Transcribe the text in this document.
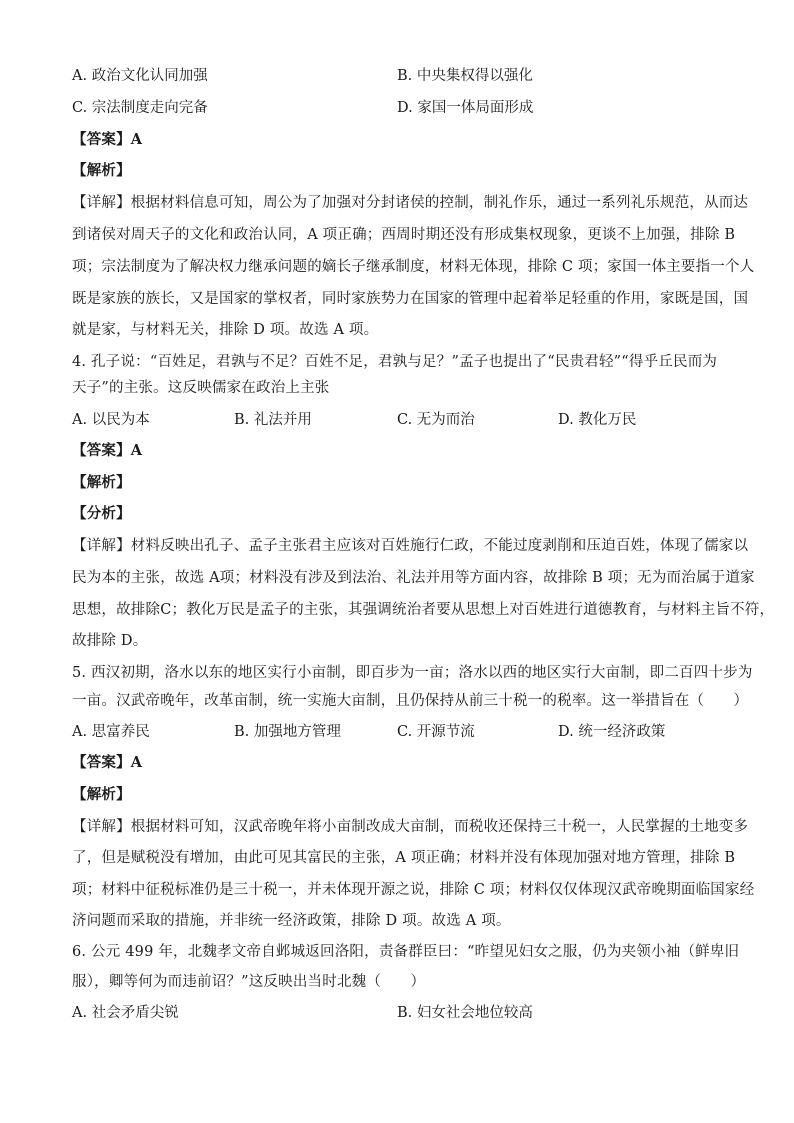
A. 政治文化认同加强	B. 中央集权得以强化
C. 宗法制度走向完备	D. 家国一体局面形成
【答案】A
【解析】
【详解】根据材料信息可知，周公为了加强对分封诸侯的控制，制礼作乐，通过一系列礼乐规范，从而达
到诸侯对周天子的文化和政治认同，A 项正确；西周时期还没有形成集权现象，更谈不上加强，排除 B
项；宗法制度为了解决权力继承问题的嫡长子继承制度，材料无体现，排除 C 项；家国一体主要指一个人
既是家族的族长，又是国家的掌权者，同时家族势力在国家的管理中起着举足轻重的作用，家既是国，国
就是家，与材料无关，排除 D 项。故选 A 项。
4. 孔子说：“百姓足，君孰与不足？百姓不足，君孰与足？”孟子也提出了“民贵君轻”“得乎丘民而为
天子”的主张。这反映儒家在政治上主张
A. 以民为本	B. 礼法并用	C. 无为而治	D. 教化万民
【答案】A
【解析】
【分析】
【详解】材料反映出孔子、孟子主张君主应该对百姓施行仁政，不能过度剥削和压迫百姓，体现了儒家以
民为本的主张，故选 A项；材料没有涉及到法治、礼法并用等方面内容，故排除 B 项；无为而治属于道家
思想，故排除C；教化万民是孟子的主张，其强调统治者要从思想上对百姓进行道德教育，与材料主旨不符，
故排除 D。
5. 西汉初期，洛水以东的地区实行小亩制，即百步为一亩；洛水以西的地区实行大亩制，即二百四十步为
一亩。汉武帝晚年，改革亩制，统一实施大亩制，且仍保持从前三十税一的税率。这一举措旨在（　　）
A. 思富养民	B. 加强地方管理	C. 开源节流	D. 统一经济政策
【答案】A
【解析】
【详解】根据材料可知，汉武帝晚年将小亩制改成大亩制，而税收还保持三十税一，人民掌握的土地变多
了，但是赋税没有增加，由此可见其富民的主张，A 项正确；材料并没有体现加强对地方管理，排除 B
项；材料中征税标准仍是三十税一，并未体现开源之说，排除 C 项；材料仅仅体现汉武帝晚期面临国家经
济问题而采取的措施，并非统一经济政策，排除 D 项。故选 A 项。
6. 公元 499 年，北魏孝文帝自邺城返回洛阳，责备群臣曰：“昨望见妇女之服，仍为夹领小袖（鲜卑旧
服），卿等何为而违前诏？”这反映出当时北魏（　　）
A. 社会矛盾尖锐	B. 妇女社会地位较高
